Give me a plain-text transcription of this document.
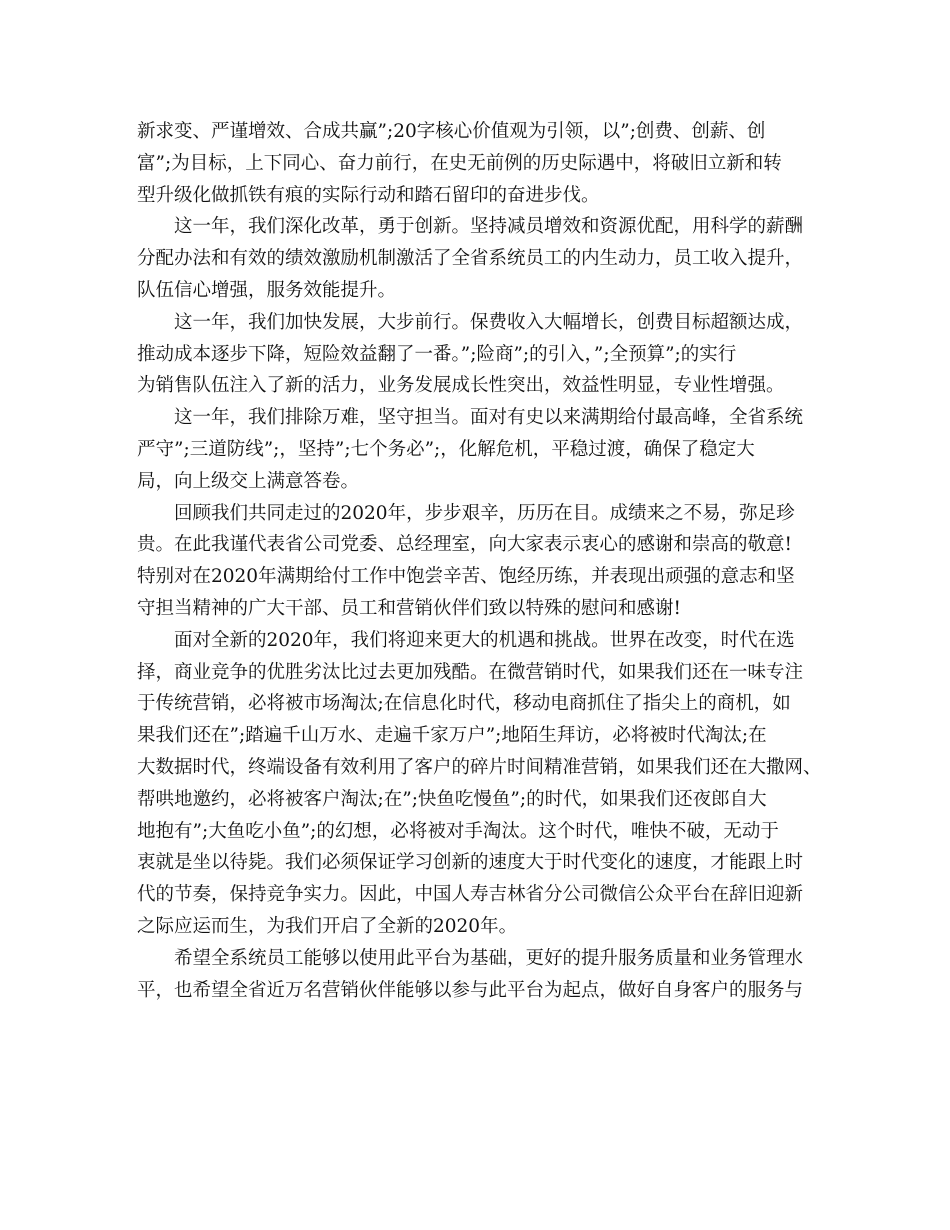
新求变、严谨增效、合成共赢”;20字核心价值观为引领，以”;创费、创薪、创
富”;为目标，上下同心、奋力前行，在史无前例的历史际遇中，将破旧立新和转
型升级化做抓铁有痕的实际行动和踏石留印的奋进步伐。
这一年，我们深化改革，勇于创新。坚持减员增效和资源优配，用科学的薪酬
分配办法和有效的绩效激励机制激活了全省系统员工的内生动力，员工收入提升，
队伍信心增强，服务效能提升。
这一年，我们加快发展，大步前行。保费收入大幅增长，创费目标超额达成，
推动成本逐步下降，短险效益翻了一番。”;险商”;的引入，”;全预算”;的实行
为销售队伍注入了新的活力，业务发展成长性突出，效益性明显，专业性增强。
这一年，我们排除万难，坚守担当。面对有史以来满期给付最高峰，全省系统
严守”;三道防线”;，坚持”;七个务必”;，化解危机，平稳过渡，确保了稳定大
局，向上级交上满意答卷。
回顾我们共同走过的2020年，步步艰辛，历历在目。成绩来之不易，弥足珍
贵。在此我谨代表省公司党委、总经理室，向大家表示衷心的感谢和崇高的敬意!
特别对在2020年满期给付工作中饱尝辛苦、饱经历练，并表现出顽强的意志和坚
守担当精神的广大干部、员工和营销伙伴们致以特殊的慰问和感谢!
面对全新的2020年，我们将迎来更大的机遇和挑战。世界在改变，时代在选
择，商业竞争的优胜劣汰比过去更加残酷。在微营销时代，如果我们还在一味专注
于传统营销，必将被市场淘汰;在信息化时代，移动电商抓住了指尖上的商机，如
果我们还在”;踏遍千山万水、走遍千家万户”;地陌生拜访，必将被时代淘汰;在
大数据时代，终端设备有效利用了客户的碎片时间精准营销，如果我们还在大撒网、
帮哄地邀约，必将被客户淘汰;在”;快鱼吃慢鱼”;的时代，如果我们还夜郎自大
地抱有”;大鱼吃小鱼”;的幻想，必将被对手淘汰。这个时代，唯快不破，无动于
衷就是坐以待毙。我们必须保证学习创新的速度大于时代变化的速度，才能跟上时
代的节奏，保持竞争实力。因此，中国人寿吉林省分公司微信公众平台在辞旧迎新
之际应运而生，为我们开启了全新的2020年。
希望全系统员工能够以使用此平台为基础，更好的提升服务质量和业务管理水
平，也希望全省近万名营销伙伴能够以参与此平台为起点，做好自身客户的服务与
